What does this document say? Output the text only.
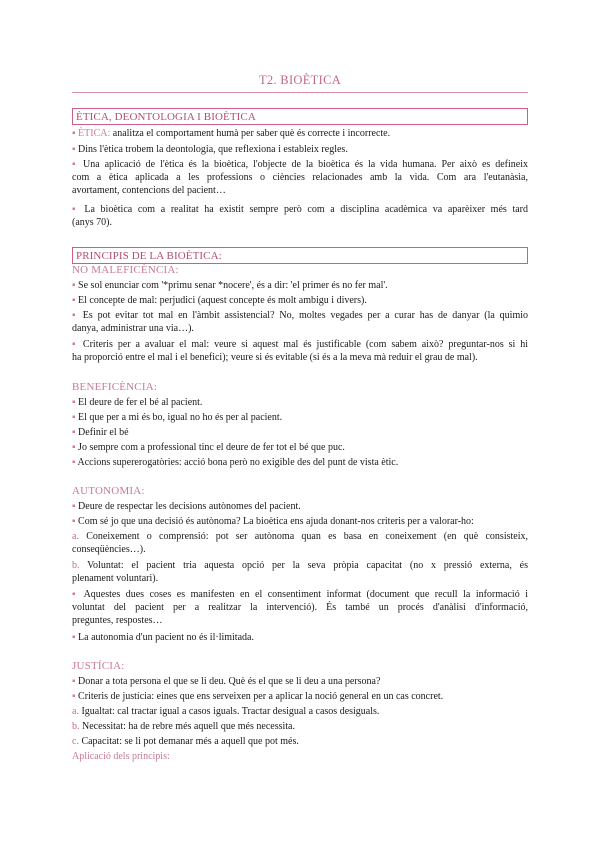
T2. BIOÈTICA
ÈTICA, DEONTOLOGIA I BIOÈTICA
▪ ÈTICA: analitza el comportament humà per saber què és correcte i incorrecte.
▪ Dins l'ètica trobem la deontologia, que reflexiona i estableix regles.
▪ Una aplicació de l'ètica és la bioètica, l'objecte de la bioètica és la vida humana. Per això es defineix
com a ètica aplicada a les professions o ciències relacionades amb la vida. Com ara l'eutanàsia,
avortament, contencions del pacient…
▪ La bioètica com a realitat ha existit sempre però com a disciplina acadèmica va aparèixer més tard
(anys 70).
PRINCIPIS DE LA BIOÈTICA:
NO MALEFICÈNCIA:
▪ Se sol enunciar com '*primu senar *nocere', és a dir: 'el primer és no fer mal'.
▪ El concepte de mal: perjudici (aquest concepte és molt ambigu i divers).
▪ Es pot evitar tot mal en l'àmbit assistencial? No, moltes vegades per a curar has de danyar (la quimio
danya, administrar una via…).
▪ Criteris per a avaluar el mal: veure si aquest mal és justificable (com sabem això? preguntar-nos si hi
ha proporció entre el mal i el benefici); veure si és evitable (si és a la meva mà reduir el grau de mal).
BENEFICÈNCIA:
▪ El deure de fer el bé al pacient.
▪ El que per a mi és bo, igual no ho és per al pacient.
▪ Definir el bé
▪ Jo sempre com a professional tinc el deure de fer tot el bé que puc.
▪ Accions supererogatòries: acció bona però no exigible des del punt de vista ètic.
AUTONOMIA:
▪ Deure de respectar les decisions autònomes del pacient.
▪ Com sé jo que una decisió és autònoma? La bioètica ens ajuda donant-nos criteris per a valorar-ho:
a. Coneixement o comprensió: pot ser autònoma quan es basa en coneixement (en què consisteix,
conseqüències…).
b. Voluntat: el pacient tria aquesta opció per la seva pròpia capacitat (no x pressió externa, és
plenament voluntari).
▪ Aquestes dues coses es manifesten en el consentiment informat (document que recull la informació i
voluntat del pacient per a realitzar la intervenció). És també un procés d'anàlisi d'informació,
preguntes, respostes…
▪ La autonomia d'un pacient no és il·limitada.
JUSTÍCIA:
▪ Donar a tota persona el que se li deu. Què és el que se li deu a una persona?
▪ Criteris de justícia: eines que ens serveixen per a aplicar la noció general en un cas concret.
a. Igualtat: cal tractar igual a casos iguals. Tractar desigual a casos desiguals.
b. Necessitat: ha de rebre més aquell que més necessita.
c. Capacitat: se li pot demanar més a aquell que pot més.
Aplicació dels principis:
